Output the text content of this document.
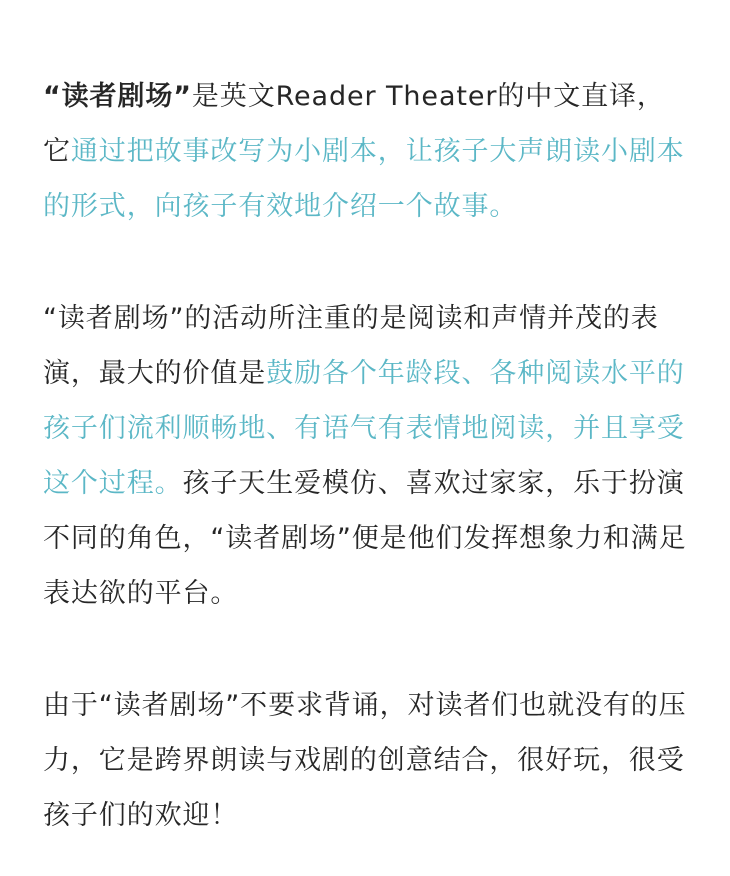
“读者剧场”是英文Reader Theater的中文直译，它通过把故事改写为小剧本，让孩子大声朗读小剧本的形式，向孩子有效地介绍一个故事。

“读者剧场”的活动所注重的是阅读和声情并茂的表演，最大的价值是鼓励各个年龄段、各种阅读水平的孩子们流利顺畅地、有语气有表情地阅读，并且享受这个过程。孩子天生爱模仿、喜欢过家家，乐于扮演不同的角色，“读者剧场”便是他们发挥想象力和满足表达欲的平台。

由于“读者剧场”不要求背诵，对读者们也就没有的压力，它是跨界朗读与戏剧的创意结合，很好玩，很受孩子们的欢迎！
